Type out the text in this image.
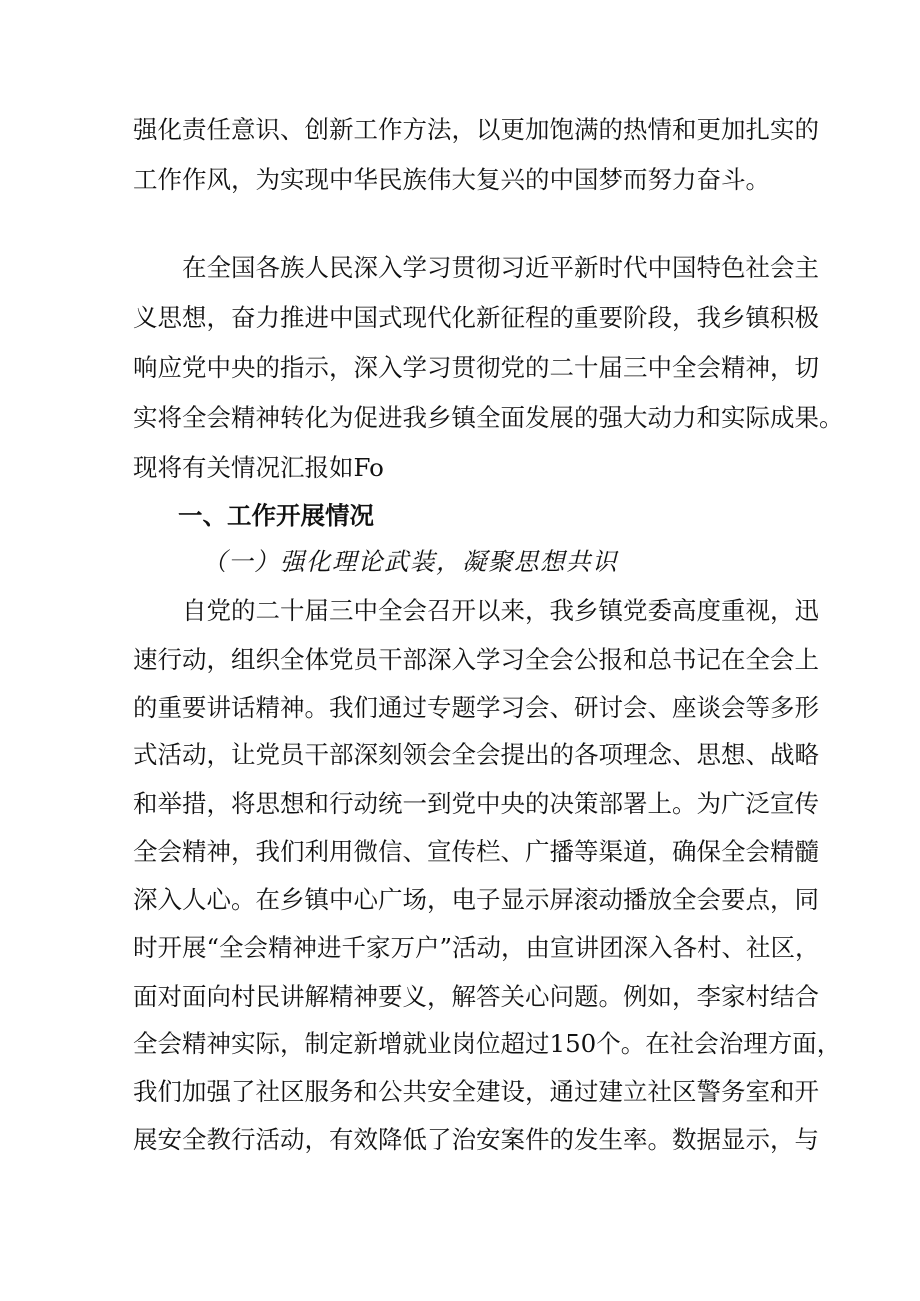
强化责任意识、创新工作方法，以更加饱满的热情和更加扎实的
工作作风，为实现中华民族伟大复兴的中国梦而努力奋斗。
在全国各族人民深入学习贯彻习近平新时代中国特色社会主
义思想，奋力推进中国式现代化新征程的重要阶段，我乡镇积极
响应党中央的指示，深入学习贯彻党的二十届三中全会精神，切
实将全会精神转化为促进我乡镇全面发展的强大动力和实际成果。
现将有关情况汇报如Fo
一、工作开展情况
（一）强化理论武装，凝聚思想共识
自党的二十届三中全会召开以来，我乡镇党委高度重视，迅
速行动，组织全体党员干部深入学习全会公报和总书记在全会上
的重要讲话精神。我们通过专题学习会、研讨会、座谈会等多形
式活动，让党员干部深刻领会全会提出的各项理念、思想、战略
和举措，将思想和行动统一到党中央的决策部署上。为广泛宣传
全会精神，我们利用微信、宣传栏、广播等渠道，确保全会精髓
深入人心。在乡镇中心广场，电子显示屏滚动播放全会要点，同
时开展“全会精神进千家万户”活动，由宣讲团深入各村、社区，
面对面向村民讲解精神要义，解答关心问题。例如，李家村结合
全会精神实际，制定新增就业岗位超过150个。在社会治理方面，
我们加强了社区服务和公共安全建设，通过建立社区警务室和开
展安全教行活动，有效降低了治安案件的发生率。数据显示，与
